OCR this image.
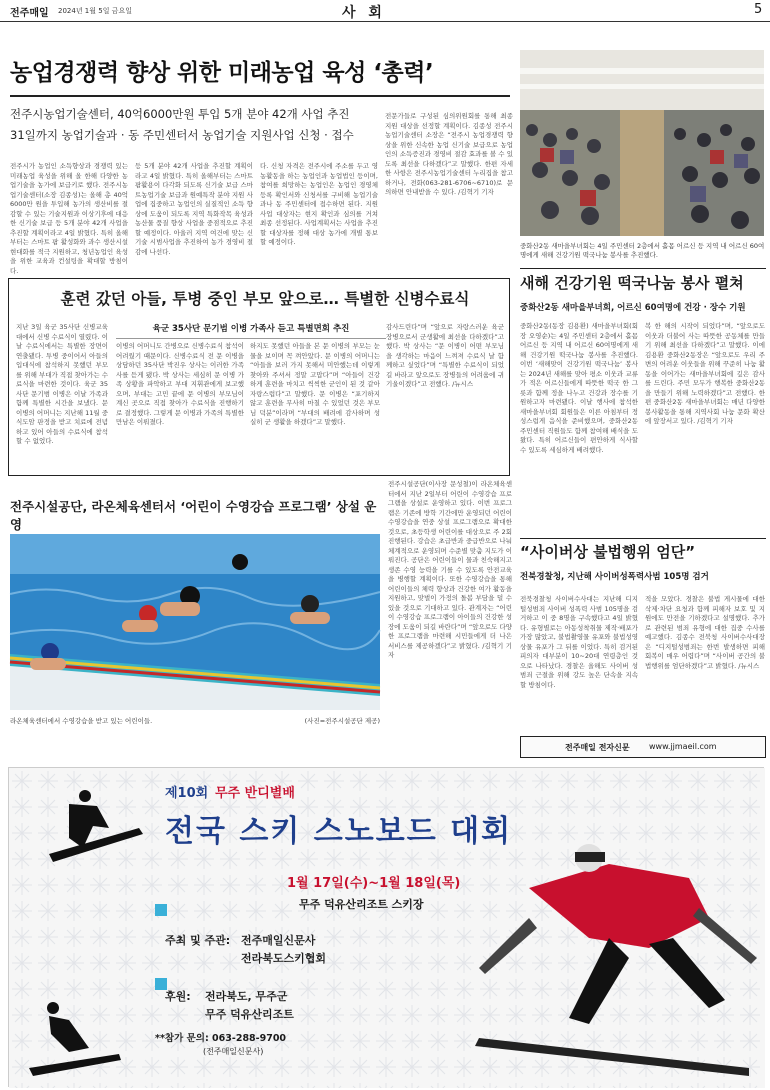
전주매일 2024년 1월 5일 금요일	사 회	5
농업경쟁력 향상 위한 미래농업 육성 ‘총력’
전주시농업기술센터, 40억6000만원 투입 5개 분야 42개 사업 추진
31일까지 농업기술과 · 동 주민센터서 농업기술 지원사업 신청 · 접수
전주시가 농업인 소득향상과 경쟁력 있는 미래농업 육성을 위해 올 한해 다양한 농업기술을 농가에 보급키로 했다. 전주시농업기술센터(소장 김종성)는 올해 총 40억 6000만 원을 투입해 농가의 생산비를 절감할 수 있는 기술지원과 이상기후에 대응한 신기술 보급 등 5개 분야 42개 사업을 추진할 계획이라고 4일 밝혔다. 특히 올해부터는 스마트 팜 활성화와 과수 생산시설 현대화를 적극 지원하고, 청년농업인 육성을 위한 교육과 컨설팅을 확대할 방침이다.
등 5개 분야 42개 사업을 추진할 계획이라고 4일 밝혔다. 특히 올해부터는 스마트 팜활용이 다각화 되도록 신기술 보급 스마트농업기술 보급과 원예특작 분야 지원 사업에 집중하고 농업인의 실질적인 소득 향상에 도움이 되도록 지역 특화작목 육성과 농산물 품질 향상 사업을 중점적으로 추진할 예정이다. 아울러 지역 여건에 맞는 신기술 시범사업을 추진하여 농가 경영비 절감에 나선다.
다. 신청 자격은 전주시에 주소를 두고 영농활동을 하는 농업인과 농업법인 등이며, 참여를 희망하는 농업인은 농업인 경영체 등록 확인서와 신청서를 구비해 농업기술과나 동 주민센터에 접수하면 된다. 지원 사업 대상자는 현지 확인과 심의를 거쳐 최종 선정된다. 사업계획서는 사업을 추진할 대상자를 정해 대상 농가에 개별 통보할 예정이다.
전문가들로 구성된 심의위원회를 통해 최종 지원 대상을 선정할 계획이다. 김종성 전주시농업기술센터 소장은 “전주시 농업경쟁력 향상을 위한 신속한 농업 신기술 보급으로 농업인의 소득증진과 경영비 절감 효과를 볼 수 있도록 최선을 다하겠다”고 말했다. 한편 자세한 사항은 전주시농업기술센터 누리집을 참고하거나, 전화(063-281-6706~6710)로 문의하면 안내받을 수 있다. /김혁기 기자
중화산2동 새마을부녀회는 4일 주민센터 2층에서 홀몸 어르신 등 지역 내 어르신 60여명에게 새해 건강기원 떡국나눔 봉사를 추진했다.
새해 건강기원 떡국나눔 봉사 펼쳐
중화산2동 새마을부녀회, 어르신 60여명에 건강 · 장수 기원
중화산2동(동장 김용환) 새마을부녀회(회장 오영순)는 4일 주민센터 2층에서 홀몸 어르신 등 지역 내 어르신 60여명에게 새해 건강기원 떡국나눔 봉사를 추진했다. 이번 ‘새해맞이 건강기원 떡국나눔’ 봉사는 2024년 새해를 맞아 평소 이웃과 교류가 적은 어르신들에게 따뜻한 떡국 한 그릇과 함께 정을 나누고 건강과 장수를 기원하고자 마련됐다. 이날 행사에 참석한 새마을부녀회 회원들은 이른 아침부터 정성스럽게 음식을 준비했으며, 중화산2동 주민센터 직원들도 함께 참여해 배식을 도왔다. 특히 어르신들이 편안하게 식사할 수 있도록 세심하게 배려했다.
복 한 해의 시작이 되었다”며, “앞으로도 이웃과 더불어 사는 따뜻한 공동체를 만들기 위해 최선을 다하겠다”고 말했다. 이에 김용환 중화산2동장은 “앞으로도 우리 주변의 어려운 이웃들을 위해 꾸준히 나눔 활동을 이어가는 새마을부녀회에 깊은 감사를 드린다. 주민 모두가 행복한 중화산2동을 만들기 위해 노력하겠다”고 전했다. 한편 중화산2동 새마을부녀회는 매년 다양한 봉사활동을 통해 지역사회 나눔 문화 확산에 앞장서고 있다. /김혁기 기자
훈련 갔던 아들, 투병 중인 부모 앞으로… 특별한 신병수료식
지난 3일 육군 35사단 신병교육대에서 신병 수료식이 열렸다. 이날 수료식에서는 특별한 장면이 연출됐다. 투병 중이어서 아들의 입대식에 참석하지 못했던 부모를 위해 부대가 직접 찾아가는 수료식을 마련한 것이다. 육군 35사단 문기범 이병은 이날 가족과 함께 특별한 시간을 보냈다. 문 이병의 어머니는 지난해 11월 중 식도암 판정을 받고 치료에 전념하고 있어 아들의 수료식에 참석할 수 없었다.
육군 35사단 문기범 이병 가족사 듣고 특별면회 추진
이병의 어머니도 간병으로 신병수료식 참석이 어려웠기 때문이다. 신병수료식 전 문 이병을 상담하던 35사단 박진우 상사는 이러한 가족사를 듣게 됐다. 박 상사는 세심히 문 이병 가족 상황을 파악하고 부대 지휘관에게 보고했으며, 부대는 고민 끝에 문 이병의 부모님이 계신 곳으로 직접 찾아가 수료식을 진행하기로 결정했다. 그렇게 문 이병과 가족의 특별한 만남은 이뤄졌다.
하지도 못했던 아들을 본 문 이병의 부모는 눈물을 보이며 꼭 껴안았다. 문 이병의 어머니는 “아들을 보러 가지 못해서 미안했는데 이렇게 찾아와 주셔서 정말 고맙다”며 “아들이 건강하게 훈련을 마치고 씩씩한 군인이 된 것 같아 자랑스럽다”고 말했다. 문 이병은 “포기하지 않고 훈련을 무사히 마칠 수 있었던 것은 부모님 덕분”이라며 “부대의 배려에 감사하며 성실히 군 생활을 하겠다”고 말했다.
감사드린다”며 “앞으로 자랑스러운 육군 장병으로서 군생활에 최선을 다하겠다”고 했다. 박 상사는 “문 이병이 어떤 부모님을 생각하는 마음이 느껴져 수료식 날 함께하고 싶었다”며 “특별한 수료식이 되었길 바라고 앞으로도 장병들의 어려움에 귀 기울이겠다”고 전했다. /뉴시스
전주시설공단, 라온체육센터서 ‘어린이 수영강습 프로그램’ 상설 운영
라온체육센터에서 수영강습을 받고 있는 어린이들.	(사진=전주시설공단 제공)
전주시설공단(이사장 문성철)이 라온체육센터에서 지난 2일부터 어린이 수영강습 프로그램을 상설로 운영하고 있다. 이번 프로그램은 기존에 방학 기간에만 운영되던 어린이 수영강습을 연중 상설 프로그램으로 확대한 것으로, 초등학생 어린이를 대상으로 주 2회 진행된다. 강습은 초급반과 중급반으로 나눠 체계적으로 운영되며 수준별 맞춤 지도가 이뤄진다. 공단은 어린이들이 물과 친숙해지고 생존 수영 능력을 기를 수 있도록 안전교육을 병행할 계획이다. 또한 수영강습을 통해 어린이들의 체력 향상과 건강한 여가 활동을 지원하고, 맞벌이 가정의 돌봄 부담을 덜 수 있을 것으로 기대하고 있다. 관계자는 “어린이 수영강습 프로그램이 아이들의 건강한 성장에 도움이 되길 바란다”며 “앞으로도 다양한 프로그램을 마련해 시민들에게 더 나은 서비스를 제공하겠다”고 밝혔다. /김혁기 기자
“사이버상 불법행위 엄단”
전북경찰청, 지난해 사이버성폭력사범 105명 검거
전북경찰청 사이버수사대는 지난해 디지털성범죄 사이버 성폭력 사범 105명을 검거하고 이 중 8명을 구속했다고 4일 밝혔다. 유형별로는 아동성착취물 제작·배포가 가장 많았고, 불법촬영물 유포와 불법성영상물 유포가 그 뒤를 이었다. 특히 검거된 피의자 대부분이 10~20대 연령층인 것으로 나타났다. 경찰은 올해도 사이버 성범죄 근절을 위해 강도 높은 단속을 지속할 방침이다.
적을 모았다. 경찰은 불법 게시물에 대한 삭제·차단 요청과 함께 피해자 보호 및 지원에도 만전을 기하겠다고 설명했다. 추가로 관련된 범죄 유형에 대한 집중 수사를 예고했다. 김종수 전북청 사이버수사대장은 “디지털성범죄는 한번 발생하면 피해 회복이 매우 어렵다”며 “사이버 공간의 불법행위를 엄단하겠다”고 밝혔다. /뉴시스
전주매일 전자신문 www.jjmaeil.com
제10회 무주 반디별배
전국 스키 스노보드 대회
1월 17일(수)~1월 18일(목)
무주 덕유산리조트 스키장
주최 및 주관: 전주매일신문사
전라북도스키협회
후원: 전라북도, 무주군
무주 덕유산리조트
**참가 문의: 063-288-9700
(전주매일신문사)
